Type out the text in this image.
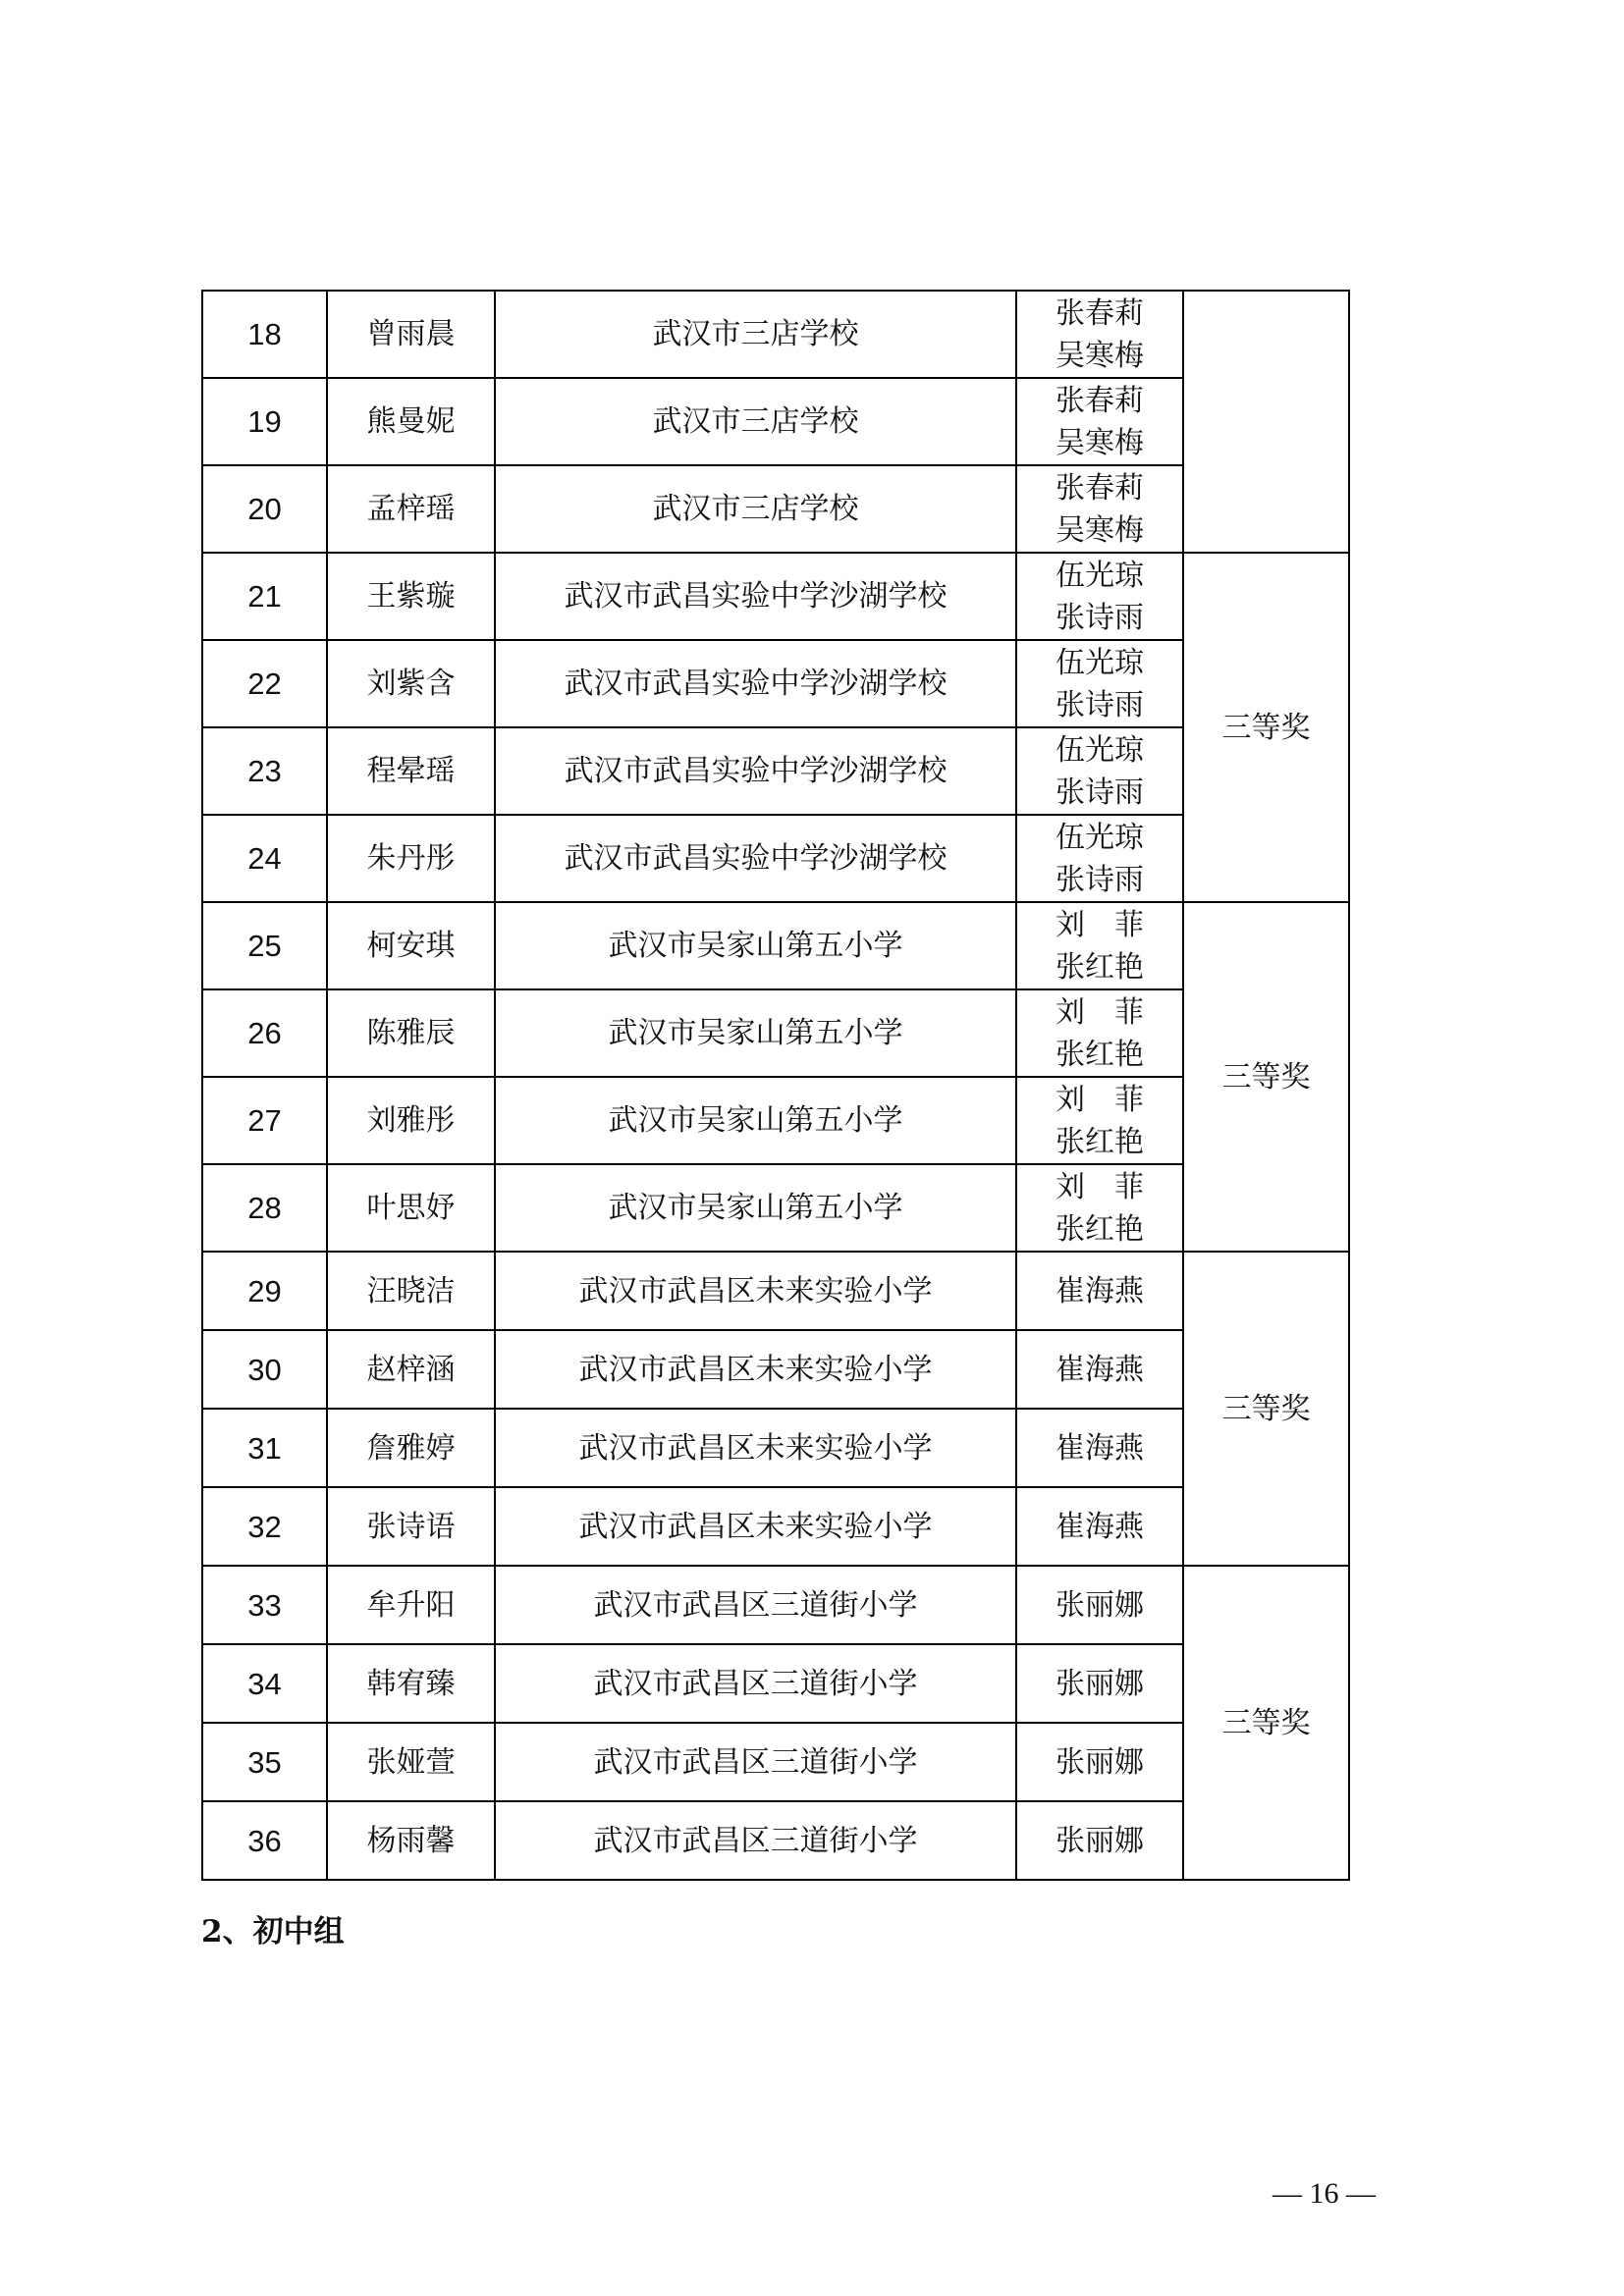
18	曾雨晨	武汉市三店学校	张春莉
吴寒梅	

19	熊曼妮	武汉市三店学校	张春莉
吴寒梅	

20	孟梓瑶	武汉市三店学校	张春莉
吴寒梅	

21	王紫璇	武汉市武昌实验中学沙湖学校	伍光琼
张诗雨	三等奖
22	刘紫含	武汉市武昌实验中学沙湖学校	伍光琼
张诗雨	

23	程晕瑶	武汉市武昌实验中学沙湖学校	伍光琼
张诗雨	

24	朱丹彤	武汉市武昌实验中学沙湖学校	伍光琼
张诗雨	

25	柯安琪	武汉市吴家山第五小学	刘　菲
张红艳	三等奖
26	陈雅辰	武汉市吴家山第五小学	刘　菲
张红艳	

27	刘雅彤	武汉市吴家山第五小学	刘　菲
张红艳	

28	叶思妤	武汉市吴家山第五小学	刘　菲
张红艳	

29	汪晓洁	武汉市武昌区未来实验小学	崔海燕	三等奖
30	赵梓涵	武汉市武昌区未来实验小学	崔海燕	

31	詹雅婷	武汉市武昌区未来实验小学	崔海燕	

32	张诗语	武汉市武昌区未来实验小学	崔海燕	

33	牟升阳	武汉市武昌区三道街小学	张丽娜	三等奖
34	韩宥臻	武汉市武昌区三道街小学	张丽娜	

35	张娅萱	武汉市武昌区三道街小学	张丽娜	

36	杨雨馨	武汉市武昌区三道街小学	张丽娜	
2、初中组
— 16 —
